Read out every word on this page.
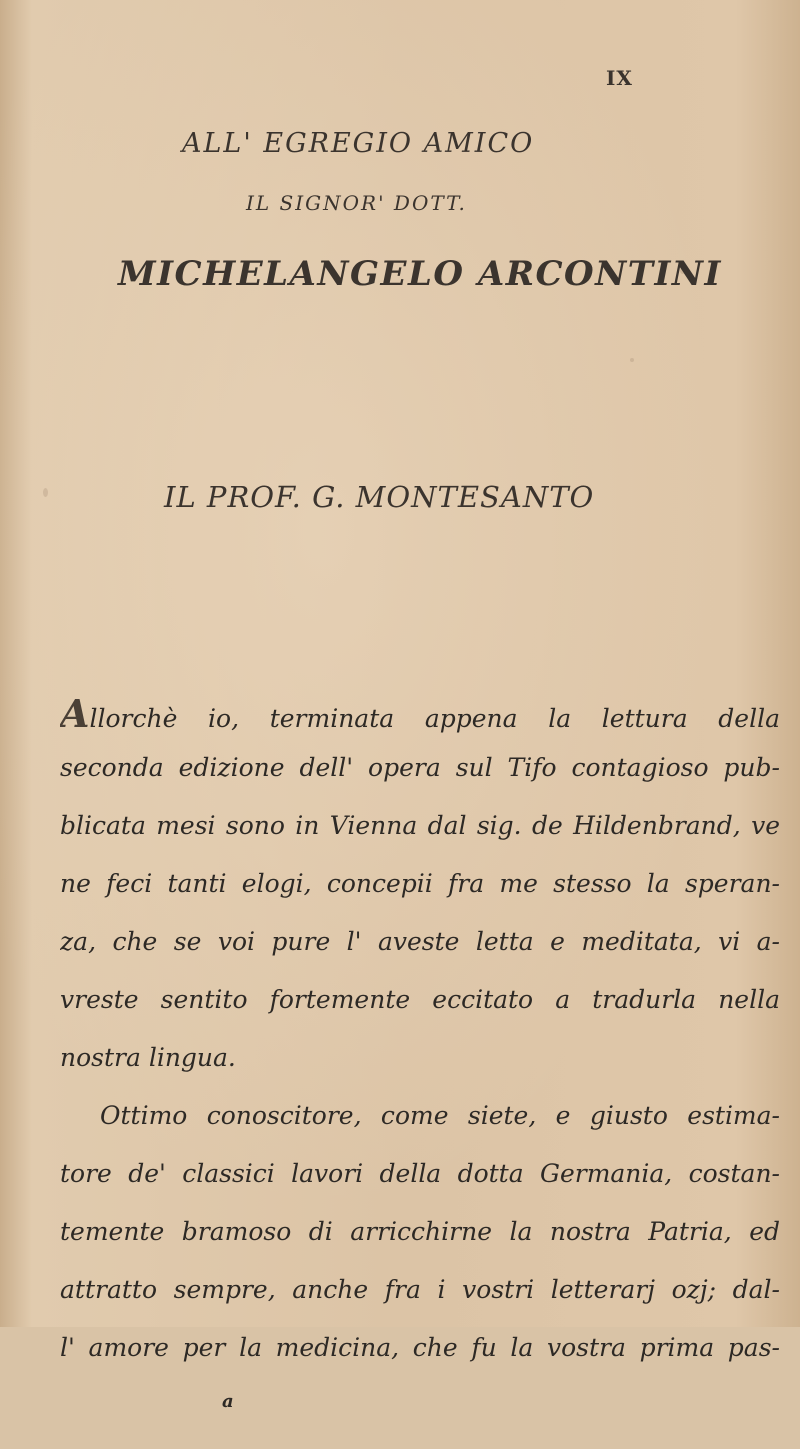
IX
ALL' EGREGIO AMICO
IL SIGNOR' DOTT.
MICHELANGELO ARCONTINI
IL PROF. G. MONTESANTO
Allorchè io, terminata appena la lettura della
seconda edizione dell' opera sul Tifo contagioso pub-
blicata mesi sono in Vienna dal sig. de Hildenbrand, ve
ne feci tanti elogi, concepii fra me stesso la speran-
za, che se voi pure l' aveste letta e meditata, vi a-
vreste sentito fortemente eccitato a tradurla nella
nostra lingua.
Ottimo conoscitore, come siete, e giusto estima-
tore de' classici lavori della dotta Germania, costan-
temente bramoso di arricchirne la nostra Patria, ed
attratto sempre, anche fra i vostri letterarj ozj; dal-
l' amore per la medicina, che fu la vostra prima pas-
a
